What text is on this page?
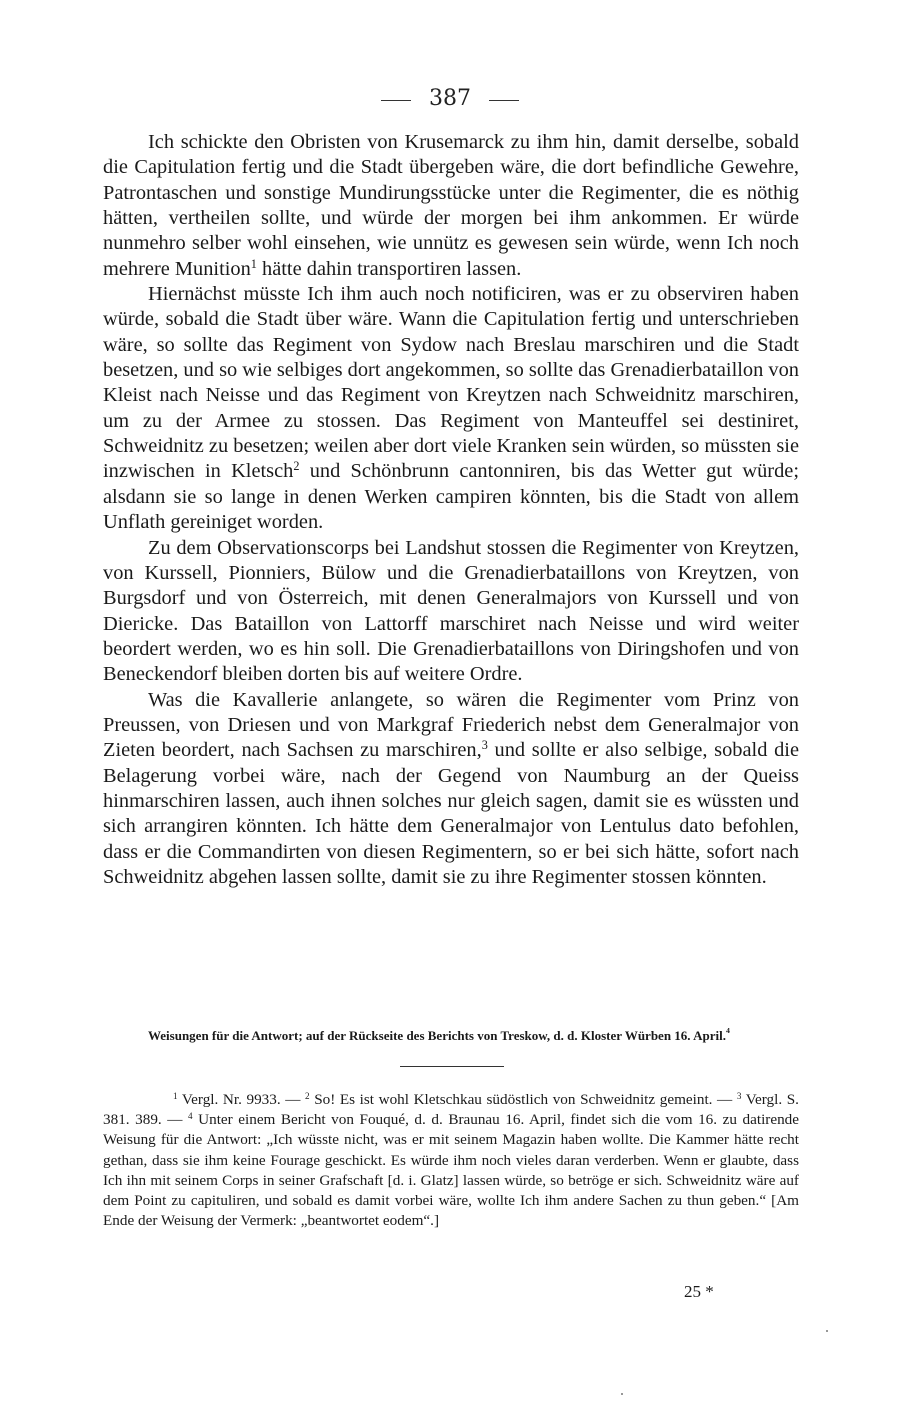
387

Ich schickte den Obristen von Krusemarck zu ihm hin, damit derselbe, sobald die Capitulation fertig und die Stadt übergeben wäre, die dort befindliche Gewehre, Patrontaschen und sonstige Mundirungsstücke unter die Regimenter, die es nöthig hätten, vertheilen sollte, und würde der morgen bei ihm ankommen. Er würde nunmehro selber wohl einsehen, wie unnütz es gewesen sein würde, wenn Ich noch mehrere Munition$^1$ hätte dahin transportiren lassen.

Hiernächst müsste Ich ihm auch noch notificiren, was er zu observiren haben würde, sobald die Stadt über wäre. Wann die Capitulation fertig und unterschrieben wäre, so sollte das Regiment von Sydow nach Breslau marschiren und die Stadt besetzen, und so wie selbiges dort angekommen, so sollte das Grenadierbataillon von Kleist nach Neisse und das Regiment von Kreytzen nach Schweidnitz marschiren, um zu der Armee zu stossen. Das Regiment von Manteuffel sei destiniret, Schweidnitz zu besetzen; weilen aber dort viele Kranken sein würden, so müssten sie inzwischen in Kletsch$^2$ und Schönbrunn cantonniren, bis das Wetter gut würde; alsdann sie so lange in denen Werken campiren könnten, bis die Stadt von allem Unflath gereiniget worden.

Zu dem Observationscorps bei Landshut stossen die Regimenter von Kreytzen, von Kurssell, Pionniers, Bülow und die Grenadierbataillons von Kreytzen, von Burgsdorf und von Österreich, mit denen Generalmajors von Kurssell und von Diericke. Das Bataillon von Lattorff marschiret nach Neisse und wird weiter beordert werden, wo es hin soll. Die Grenadierbataillons von Diringshofen und von Beneckendorf bleiben dorten bis auf weitere Ordre.

Was die Kavallerie anlangete, so wären die Regimenter vom Prinz von Preussen, von Driesen und von Markgraf Friederich nebst dem Generalmajor von Zieten beordert, nach Sachsen zu marschiren,$^3$ und sollte er also selbige, sobald die Belagerung vorbei wäre, nach der Gegend von Naumburg an der Queiss hinmarschiren lassen, auch ihnen solches nur gleich sagen, damit sie es wüssten und sich arrangiren könnten. Ich hätte dem Generalmajor von Lentulus dato befohlen, dass er die Commandirten von diesen Regimentern, so er bei sich hätte, sofort nach Schweidnitz abgehen lassen sollte, damit sie zu ihre Regimenter stossen könnten.

Weisungen für die Antwort; auf der Rückseite des Berichts von Treskow, d. d. Kloster Würben 16. April.$^4$
$^1$ Vergl. Nr. 9933. — $^2$ So! Es ist wohl Kletschkau südöstlich von Schweidnitz gemeint. — $^3$ Vergl. S. 381. 389. — $^4$ Unter einem Bericht von Fouqué, d. d. Braunau 16. April, findet sich die vom 16. zu datirende Weisung für die Antwort: „Ich wüsste nicht, was er mit seinem Magazin haben wollte. Die Kammer hätte recht gethan, dass sie ihm keine Fourage geschickt. Es würde ihm noch vieles daran verderben. Wenn er glaubte, dass Ich ihn mit seinem Corps in seiner Grafschaft [d. i. Glatz] lassen würde, so betröge er sich. Schweidnitz wäre auf dem Point zu capituliren, und sobald es damit vorbei wäre, wollte Ich ihm andere Sachen zu thun geben.“ [Am Ende der Weisung der Vermerk: „beantwortet eodem“.]
25 *
